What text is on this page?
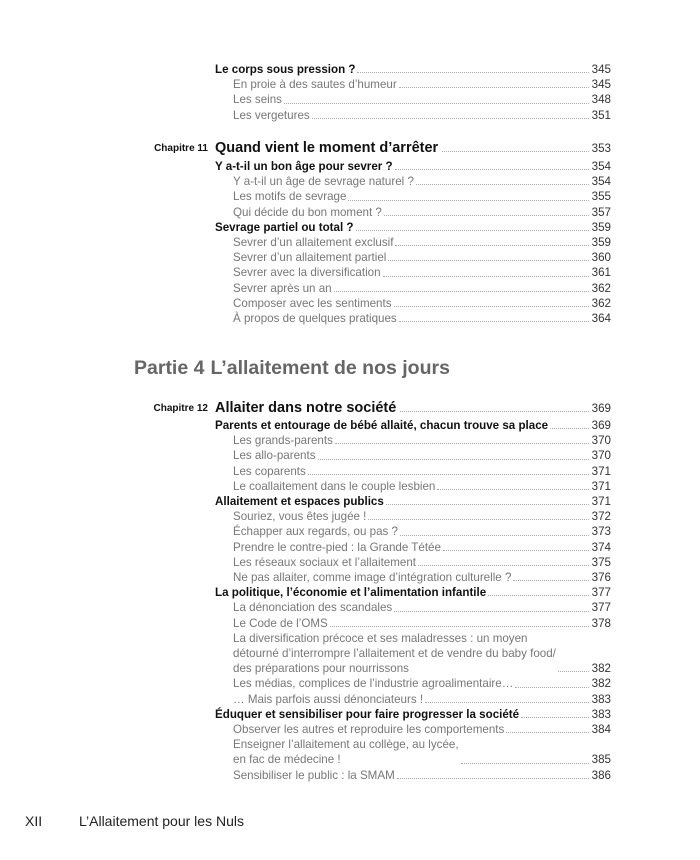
Le corps sous pression ?	345
En proie à des sautes d’humeur	345
Les seins	348
Les vergetures	351
Chapitre 11 Quand vient le moment d’arrêter	353
Y a-t-il un bon âge pour sevrer ?	354
Y a-t-il un âge de sevrage naturel ?	354
Les motifs de sevrage	355
Qui décide du bon moment ?	357
Sevrage partiel ou total ?	359
Sevrer d’un allaitement exclusif	359
Sevrer d’un allaitement partiel	360
Sevrer avec la diversification	361
Sevrer après un an	362
Composer avec les sentiments	362
À propos de quelques pratiques	364
Partie 4 L’allaitement de nos jours
Chapitre 12 Allaiter dans notre société	369
Parents et entourage de bébé allaité, chacun trouve sa place	369
Les grands-parents	370
Les allo-parents	370
Les coparents	371
Le coallaitement dans le couple lesbien	371
Allaitement et espaces publics	371
Souriez, vous êtes jugée !	372
Échapper aux regards, ou pas ?	373
Prendre le contre-pied : la Grande Tétée	374
Les réseaux sociaux et l’allaitement	375
Ne pas allaiter, comme image d’intégration culturelle ?	376
La politique, l’économie et l’alimentation infantile	377
La dénonciation des scandales	377
Le Code de l’OMS	378
La diversification précoce et ses maladresses : un moyen
détourné d’interrompre l’allaitement et de vendre du baby food/
des préparations pour nourrissons	382
Les médias, complices de l’industrie agroalimentaire…	382
… Mais parfois aussi dénonciateurs !	383
Éduquer et sensibiliser pour faire progresser la société	383
Observer les autres et reproduire les comportements	384
Enseigner l’allaitement au collège, au lycée,
en fac de médecine !	385
Sensibiliser le public : la SMAM	386
XII	L’Allaitement pour les Nuls
